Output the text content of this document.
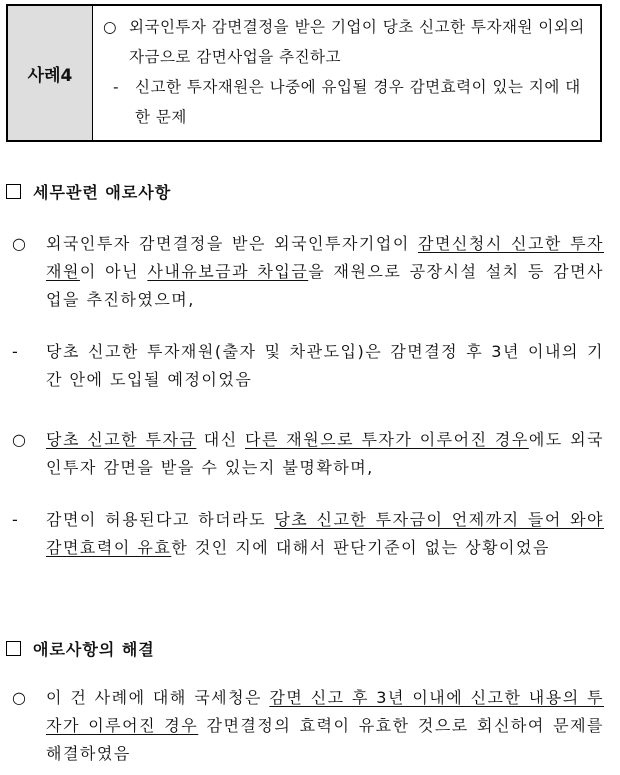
사례4
○ 외국인투자 감면결정을 받은 기업이 당초 신고한 투자재원 이외의 자금으로 감면사업을 추진하고
-	신고한 투자재원은 나중에 유입될 경우 감면효력이 있는 지에 대한 문제
세무관련 애로사항
○	외국인투자 감면결정을 받은 외국인투자기업이 감면신청시 신고한 투자재원이 아닌 사내유보금과 차입금을 재원으로 공장시설 설치 등 감면사업을 추진하였으며,
-	당초 신고한 투자재원(출자 및 차관도입)은 감면결정 후 3년 이내의 기간 안에 도입될 예정이었음
○	당초 신고한 투자금 대신 다른 재원으로 투자가 이루어진 경우에도 외국인투자 감면을 받을 수 있는지 불명확하며,
-	감면이 허용된다고 하더라도 당초 신고한 투자금이 언제까지 들어 와야 감면효력이 유효한 것인 지에 대해서 판단기준이 없는 상황이었음
애로사항의 해결
○	이 건 사례에 대해 국세청은 감면 신고 후 3년 이내에 신고한 내용의 투자가 이루어진 경우 감면결정의 효력이 유효한 것으로 회신하여 문제를 해결하였음
